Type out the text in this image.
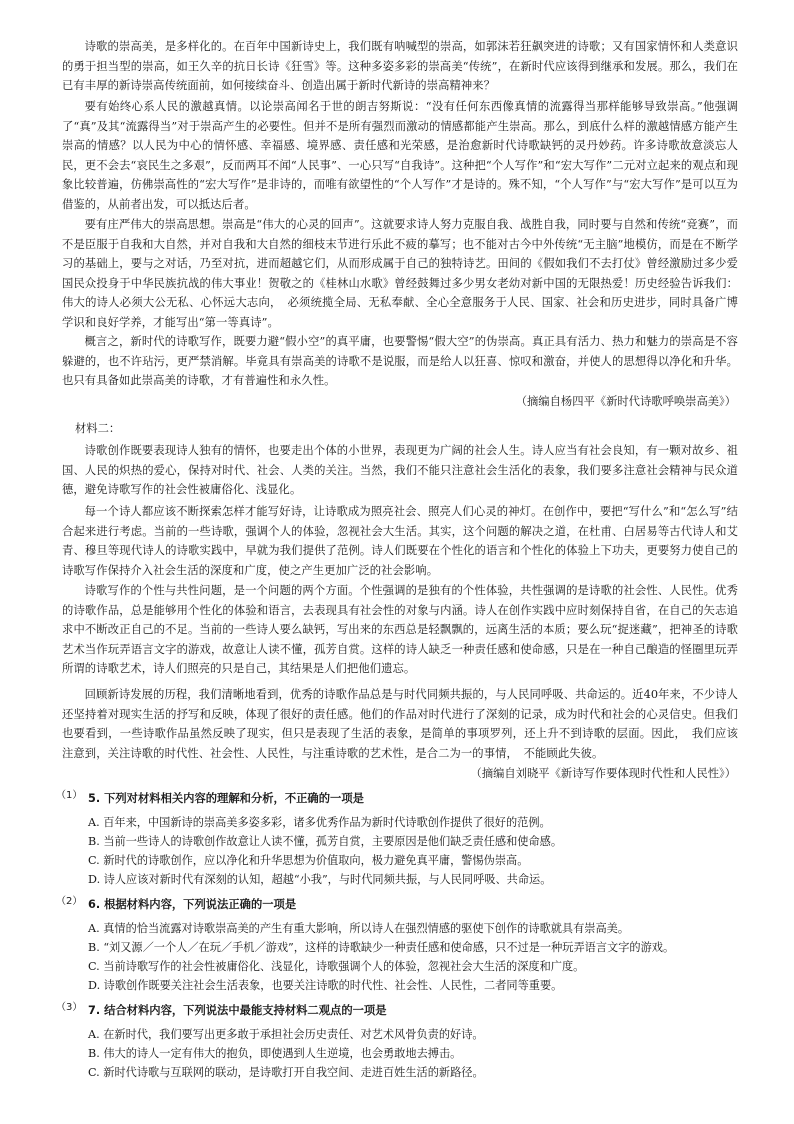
诗歌的崇高美，是多样化的。在百年中国新诗史上，我们既有呐喊型的崇高，如郭沫若狂飙突进的诗歌；又有国家情怀和人类意识的勇于担当型的崇高，如王久辛的抗日长诗《狂雪》等。这种多姿多彩的崇高美“传统”，在新时代应该得到继承和发展。那么，我们在已有丰厚的新诗崇高传统面前，如何接续奋斗、创造出属于新时代新诗的崇高精神来？

要有始终心系人民的激越真情。以论崇高闻名于世的朗吉努斯说：“没有任何东西像真情的流露得当那样能够导致崇高。”他强调了“真”及其“流露得当”对于崇高产生的必要性。但并不是所有强烈而激动的情感都能产生崇高。那么，到底什么样的激越情感方能产生崇高的情感？以人民为中心的情怀感、幸福感、境界感、责任感和光荣感，是治愈新时代诗歌缺钙的灵丹妙药。许多诗歌故意淡忘人民，更不会去“哀民生之多艰”，反而两耳不闻“人民事”、一心只写“自我诗”。这种把“个人写作”和“宏大写作”二元对立起来的观点和现象比较普遍，仿佛崇高性的“宏大写作”是非诗的，而唯有欲望性的“个人写作”才是诗的。殊不知，“个人写作”与“宏大写作”是可以互为借鉴的，从前者出发，可以抵达后者。

要有庄严伟大的崇高思想。崇高是“伟大的心灵的回声”。这就要求诗人努力克服自我、战胜自我，同时要与自然和传统“竞赛”，而不是臣服于自我和大自然，并对自我和大自然的细枝末节进行乐此不疲的摹写；也不能对古今中外传统“无主脑”地模仿，而是在不断学习的基础上，要与之对话，乃至对抗，进而超越它们，从而形成属于自己的独特诗艺。田间的《假如我们不去打仗》曾经激励过多少爱国民众投身于中华民族抗战的伟大事业！贺敬之的《桂林山水歌》曾经鼓舞过多少男女老幼对新中国的无限热爱！历史经验告诉我们：伟大的诗人必须大公无私、心怀远大志向，　必须统揽全局、无私奉献、全心全意服务于人民、国家、社会和历史进步，同时具备广博学识和良好学养，才能写出“第一等真诗”。

概言之，新时代的诗歌写作，既要力避“假小空”的真平庸，也要警惕“假大空”的伪崇高。真正具有活力、热力和魅力的崇高是不容躲避的，也不许玷污，更严禁消解。毕竟具有崇高美的诗歌不是说服，而是给人以狂喜、惊叹和激奋，并使人的思想得以净化和升华。也只有具备如此崇高美的诗歌，才有普遍性和永久性。

（摘编自杨四平《新时代诗歌呼唤崇高美》）

材料二：

诗歌创作既要表现诗人独有的情怀，也要走出个体的小世界，表现更为广阔的社会人生。诗人应当有社会良知，有一颗对故乡、祖国、人民的炽热的爱心，保持对时代、社会、人类的关注。当然，我们不能只注意社会生活化的表象，我们要多注意社会精神与民众道德，避免诗歌写作的社会性被庸俗化、浅显化。

每一个诗人都应该不断探索怎样才能写好诗，让诗歌成为照亮社会、照亮人们心灵的神灯。在创作中，要把“写什么”和“怎么写”结合起来进行考虑。当前的一些诗歌，强调个人的体验，忽视社会大生活。其实，这个问题的解决之道，在杜甫、白居易等古代诗人和艾青、穆旦等现代诗人的诗歌实践中，早就为我们提供了范例。诗人们既要在个性化的语言和个性化的体验上下功夫，更要努力使自己的诗歌写作保持介入社会生活的深度和广度，使之产生更加广泛的社会影响。

诗歌写作的个性与共性问题，是一个问题的两个方面。个性强调的是独有的个性体验，共性强调的是诗歌的社会性、人民性。优秀的诗歌作品，总是能够用个性化的体验和语言，去表现具有社会性的对象与内涵。诗人在创作实践中应时刻保持自省，在自己的矢志追求中不断改正自己的不足。当前的一些诗人要么缺钙，写出来的东西总是轻飘飘的，远离生活的本质；要么玩“捉迷藏”，把神圣的诗歌艺术当作玩弄语言文字的游戏，故意让人读不懂，孤芳自赏。这样的诗人缺乏一种责任感和使命感，只是在一种自己酿造的怪圈里玩弄所谓的诗歌艺术，诗人们照亮的只是自己，其结果是人们把他们遗忘。

回顾新诗发展的历程，我们清晰地看到，优秀的诗歌作品总是与时代同频共振的，与人民同呼吸、共命运的。近40年来，不少诗人还坚持着对现实生活的抒写和反映，体现了很好的责任感。他们的作品对时代进行了深刻的记录，成为时代和社会的心灵信史。但我们也要看到，一些诗歌作品虽然反映了现实，但只是表现了生活的表象，是简单的事项罗列，还上升不到诗歌的层面。因此，　我们应该注意到，关注诗歌的时代性、社会性、人民性，与注重诗歌的艺术性，是合二为一的事情，　不能顾此失彼。

（摘编自刘晓平《新诗写作要体现时代性和人民性》）

（1） 5. 下列对材料相关内容的理解和分析，不正确的一项是

A. 百年来，中国新诗的崇高美多姿多彩，诸多优秀作品为新时代诗歌创作提供了很好的范例。

B. 当前一些诗人的诗歌创作故意让人读不懂，孤芳自赏，主要原因是他们缺乏责任感和使命感。

C. 新时代的诗歌创作，应以净化和升华思想为价值取向，极力避免真平庸，警惕伪崇高。

D. 诗人应该对新时代有深刻的认知，超越“小我”，与时代同频共振，与人民同呼吸、共命运。

（2） 6. 根据材料内容，下列说法正确的一项是

A. 真情的恰当流露对诗歌崇高美的产生有重大影响，所以诗人在强烈情感的驱使下创作的诗歌就具有崇高美。

B. “刘又源／一个人／在玩／手机／游戏”，这样的诗歌缺少一种责任感和使命感，只不过是一种玩弄语言文字的游戏。

C. 当前诗歌写作的社会性被庸俗化、浅显化，诗歌强调个人的体验，忽视社会大生活的深度和广度。

D. 诗歌创作既要关注社会生活表象，也要关注诗歌的时代性、社会性、人民性，二者同等重要。

（3） 7. 结合材料内容，下列说法中最能支持材料二观点的一项是

A. 在新时代，我们要写出更多敢于承担社会历史责任、对艺术风骨负责的好诗。

B. 伟大的诗人一定有伟大的抱负，即使遇到人生逆境，也会勇敢地去搏击。

C. 新时代诗歌与互联网的联动，是诗歌打开自我空间、走进百姓生活的新路径。
